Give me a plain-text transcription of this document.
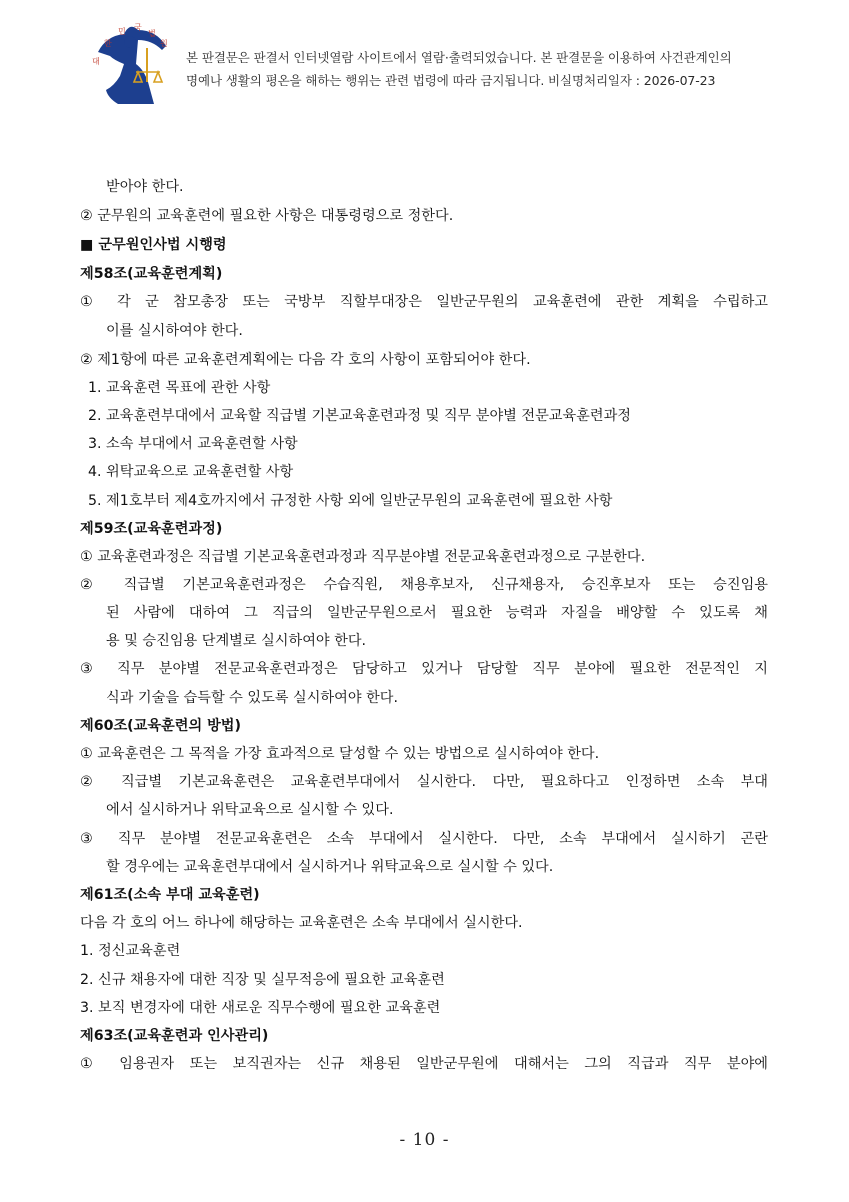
대
한
민 국
법
원
본 판결문은 판결서 인터넷열람 사이트에서 열람·출력되었습니다. 본 판결문을 이용하여 사건관계인의
명예나 생활의 평온을 해하는 행위는 관련 법령에 따라 금지됩니다. 비실명처리일자 : 2026-07-23
받아야 한다.
② 군무원의 교육훈련에 필요한 사항은 대통령령으로 정한다.
■ 군무원인사법 시행령
제58조(교육훈련계획)
① 각 군 참모총장 또는 국방부 직할부대장은 일반군무원의 교육훈련에 관한 계획을 수립하고
이를 실시하여야 한다.
② 제1항에 따른 교육훈련계획에는 다음 각 호의 사항이 포함되어야 한다.
1. 교육훈련 목표에 관한 사항
2. 교육훈련부대에서 교육할 직급별 기본교육훈련과정 및 직무 분야별 전문교육훈련과정
3. 소속 부대에서 교육훈련할 사항
4. 위탁교육으로 교육훈련할 사항
5. 제1호부터 제4호까지에서 규정한 사항 외에 일반군무원의 교육훈련에 필요한 사항
제59조(교육훈련과정)
① 교육훈련과정은 직급별 기본교육훈련과정과 직무분야별 전문교육훈련과정으로 구분한다.
② 직급별 기본교육훈련과정은 수습직원, 채용후보자, 신규채용자, 승진후보자 또는 승진임용
된 사람에 대하여 그 직급의 일반군무원으로서 필요한 능력과 자질을 배양할 수 있도록 채
용 및 승진임용 단계별로 실시하여야 한다.
③ 직무 분야별 전문교육훈련과정은 담당하고 있거나 담당할 직무 분야에 필요한 전문적인 지
식과 기술을 습득할 수 있도록 실시하여야 한다.
제60조(교육훈련의 방법)
① 교육훈련은 그 목적을 가장 효과적으로 달성할 수 있는 방법으로 실시하여야 한다.
② 직급별 기본교육훈련은 교육훈련부대에서 실시한다. 다만, 필요하다고 인정하면 소속 부대
에서 실시하거나 위탁교육으로 실시할 수 있다.
③ 직무 분야별 전문교육훈련은 소속 부대에서 실시한다. 다만, 소속 부대에서 실시하기 곤란
할 경우에는 교육훈련부대에서 실시하거나 위탁교육으로 실시할 수 있다.
제61조(소속 부대 교육훈련)
다음 각 호의 어느 하나에 해당하는 교육훈련은 소속 부대에서 실시한다.
1. 정신교육훈련
2. 신규 채용자에 대한 직장 및 실무적응에 필요한 교육훈련
3. 보직 변경자에 대한 새로운 직무수행에 필요한 교육훈련
제63조(교육훈련과 인사관리)
① 임용권자 또는 보직권자는 신규 채용된 일반군무원에 대해서는 그의 직급과 직무 분야에
- 10 -
